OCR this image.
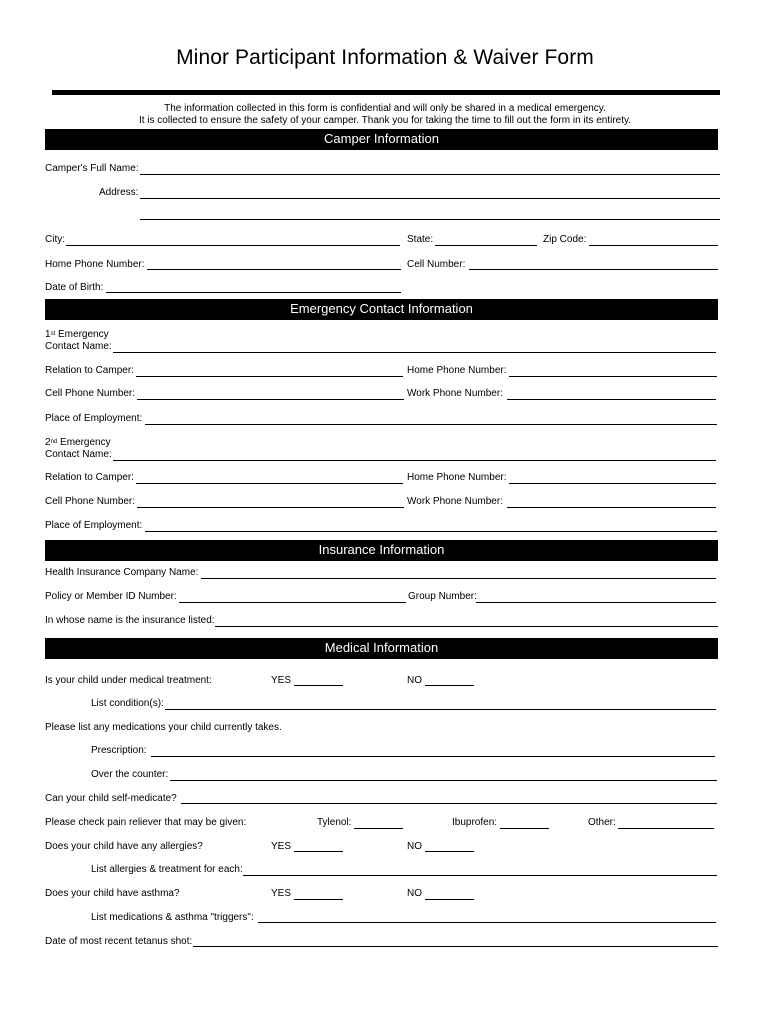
Minor Participant Information & Waiver Form
The information collected in this form is confidential and will only be shared in a medical emergency.
It is collected to ensure the safety of your camper. Thank you for taking the time to fill out the form in its entirety.
Camper Information
Camper's Full Name:
Address:
City:	State:	Zip Code:
Home Phone Number:	Cell Number:
Date of Birth:
Emergency Contact Information
1st Emergency
Contact Name:
Relation to Camper:	Home Phone Number:
Cell Phone Number:	Work Phone Number:
Place of Employment:
2nd Emergency
Contact Name:
Relation to Camper:	Home Phone Number:
Cell Phone Number:	Work Phone Number:
Place of Employment:
Insurance Information
Health Insurance Company Name:
Policy or Member ID Number:	Group Number:
In whose name is the insurance listed:
Medical Information
Is your child under medical treatment:	YES	NO
List condition(s):
Please list any medications your child currently takes.
Prescription:
Over the counter:
Can your child self-medicate?
Please check pain reliever that may be given:	Tylenol:	Ibuprofen:	Other:
Does your child have any allergies?	YES	NO
List allergies & treatment for each:
Does your child have asthma?	YES	NO
List medications & asthma "triggers":
Date of most recent tetanus shot:
